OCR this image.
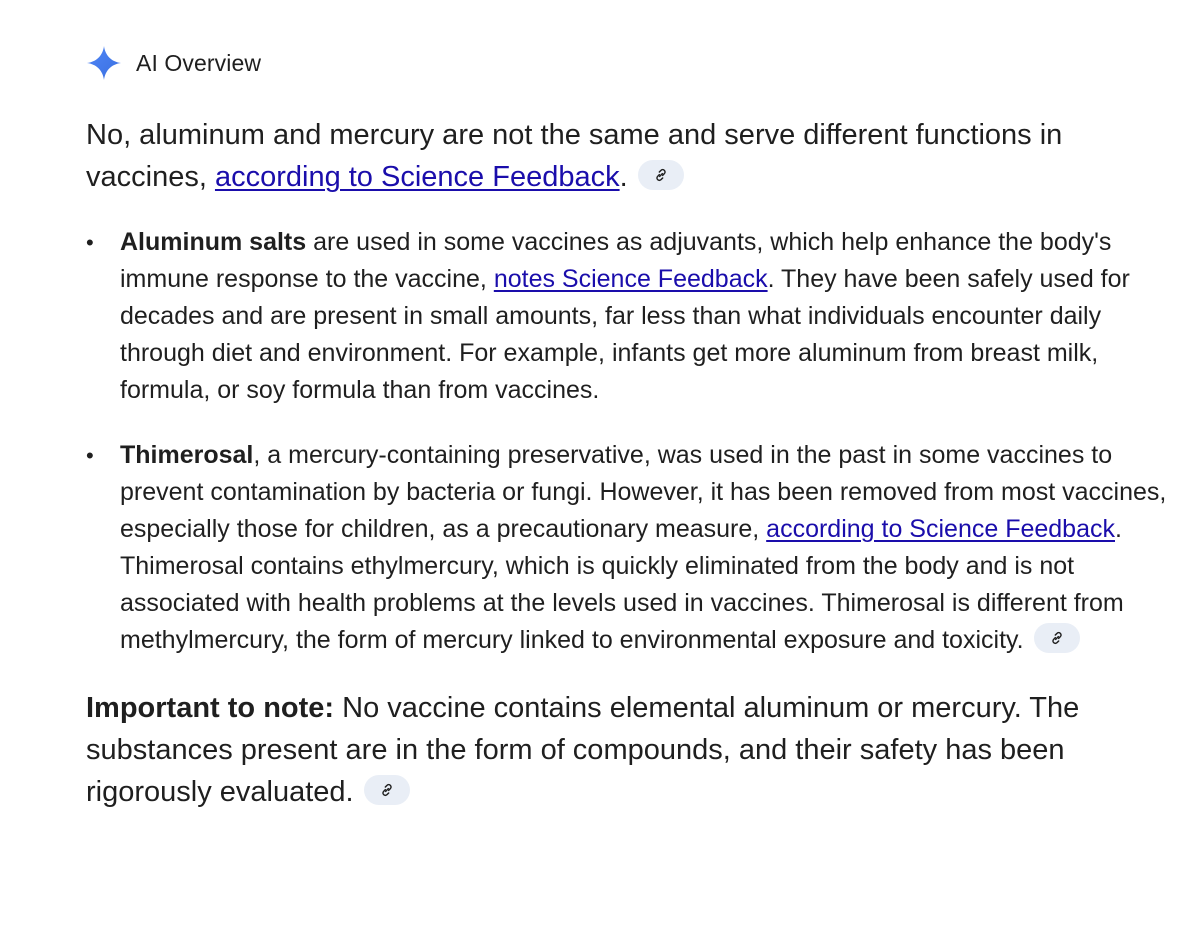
AI Overview
No, aluminum and mercury are not the same and serve different functions in vaccines, according to Science Feedback.
• Aluminum salts are used in some vaccines as adjuvants, which help enhance the body's immune response to the vaccine, notes Science Feedback. They have been safely used for decades and are present in small amounts, far less than what individuals encounter daily through diet and environment. For example, infants get more aluminum from breast milk, formula, or soy formula than from vaccines.
• Thimerosal, a mercury-containing preservative, was used in the past in some vaccines to prevent contamination by bacteria or fungi. However, it has been removed from most vaccines, especially those for children, as a precautionary measure, according to Science Feedback. Thimerosal contains ethylmercury, which is quickly eliminated from the body and is not associated with health problems at the levels used in vaccines. Thimerosal is different from methylmercury, the form of mercury linked to environmental exposure and toxicity.
Important to note: No vaccine contains elemental aluminum or mercury. The substances present are in the form of compounds, and their safety has been rigorously evaluated.
